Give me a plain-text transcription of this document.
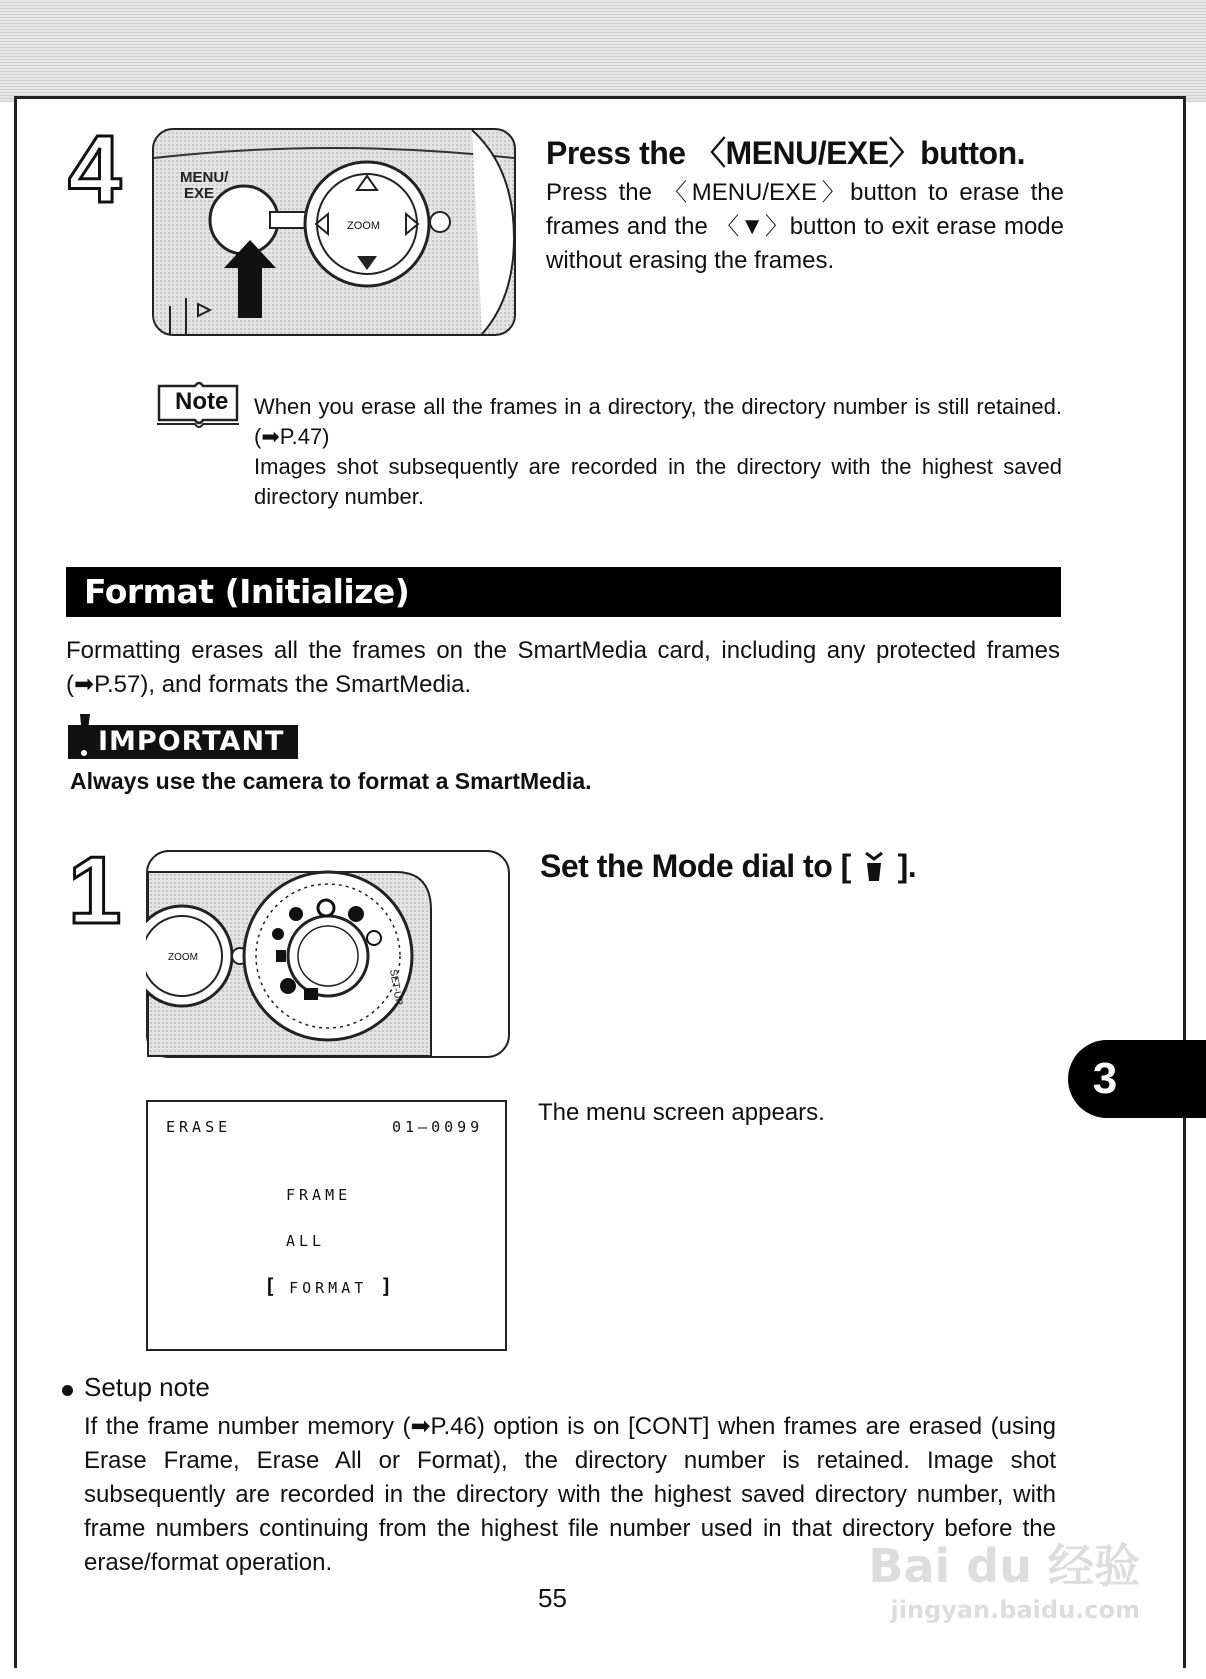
4
ZOOM
MENU/
EXE
Press the 〈MENU/EXE〉button.
Press the 〈MENU/EXE〉button to erase the frames and the 〈▼〉button to exit erase mode without erasing the frames.
Note When you erase all the frames in a directory, the directory number is still retained. (➡P.47)
Images shot subsequently are recorded in the directory with the highest saved directory number.
Format (Initialize)
Formatting erases all the frames on the SmartMedia card, including any protected frames (➡P.57), and formats the SmartMedia.
IMPORTANT
Always use the camera to format a SmartMedia.
1
ZOOM
SET-UP
Set the Mode dial to [ ].
ERASE	01—0099
FRAME
ALL
[ FORMAT ]
The menu screen appears.
3
Setup note
If the frame number memory (➡P.46) option is on [CONT] when frames are erased (using Erase Frame, Erase All or Format), the directory number is retained. Image shot subsequently are recorded in the directory with the highest saved directory number, with frame numbers continuing from the highest file number used in that directory before the erase/format operation.
55
Bai du 经验
jingyan.baidu.com
